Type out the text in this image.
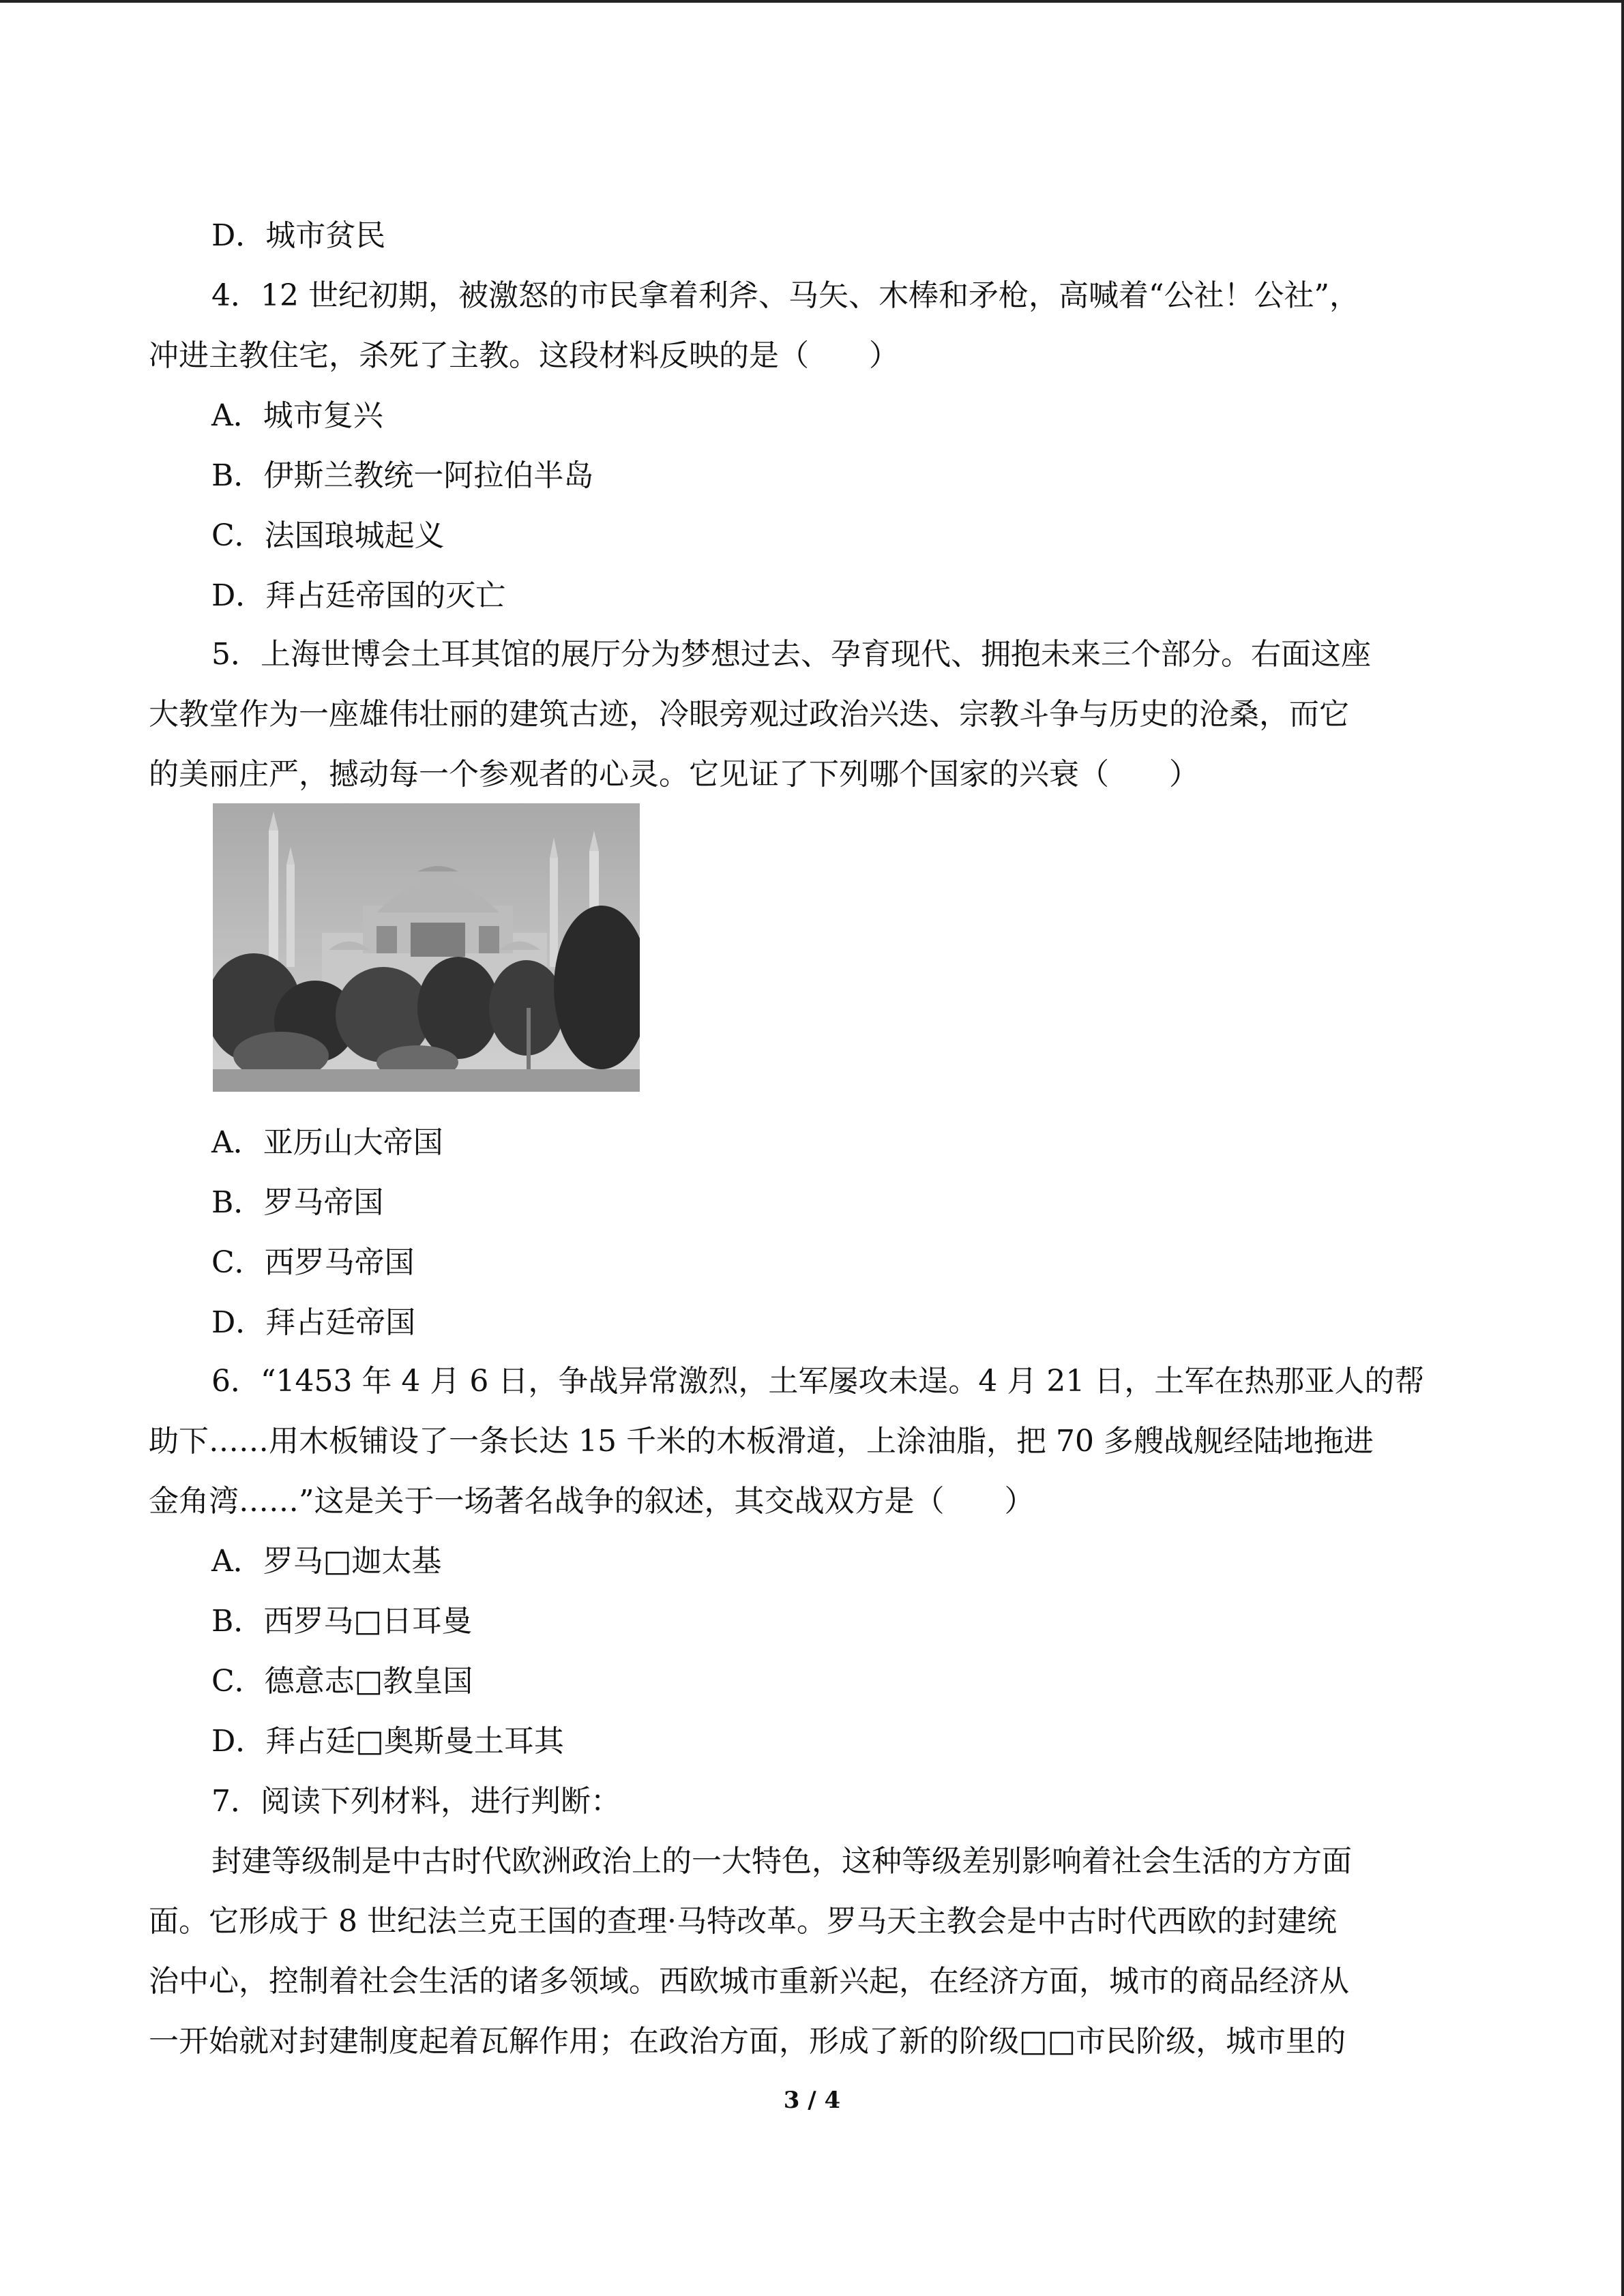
D．城市贫民
4．12 世纪初期，被激怒的市民拿着利斧、马矢、木棒和矛枪，高喊着“公社！公社”，
冲进主教住宅，杀死了主教。这段材料反映的是（　　）
A．城市复兴
B．伊斯兰教统一阿拉伯半岛
C．法国琅城起义
D．拜占廷帝国的灭亡
5．上海世博会土耳其馆的展厅分为梦想过去、孕育现代、拥抱未来三个部分。右面这座
大教堂作为一座雄伟壮丽的建筑古迹，冷眼旁观过政治兴迭、宗教斗争与历史的沧桑，而它
的美丽庄严，撼动每一个参观者的心灵。它见证了下列哪个国家的兴衰（　　）
A．亚历山大帝国
B．罗马帝国
C．西罗马帝国
D．拜占廷帝国
6．“1453 年 4 月 6 日，争战异常激烈，土军屡攻未逞。4 月 21 日，土军在热那亚人的帮
助下……用木板铺设了一条长达 15 千米的木板滑道，上涂油脂，把 70 多艘战舰经陆地拖进
金角湾……”这是关于一场著名战争的叙述，其交战双方是（　　）
A．罗马□迦太基
B．西罗马□日耳曼
C．德意志□教皇国
D．拜占廷□奥斯曼土耳其
7．阅读下列材料，进行判断：
封建等级制是中古时代欧洲政治上的一大特色，这种等级差别影响着社会生活的方方面
面。它形成于 8 世纪法兰克王国的查理·马特改革。罗马天主教会是中古时代西欧的封建统
治中心，控制着社会生活的诸多领域。西欧城市重新兴起，在经济方面，城市的商品经济从
一开始就对封建制度起着瓦解作用；在政治方面，形成了新的阶级□□市民阶级，城市里的
3 / 4
